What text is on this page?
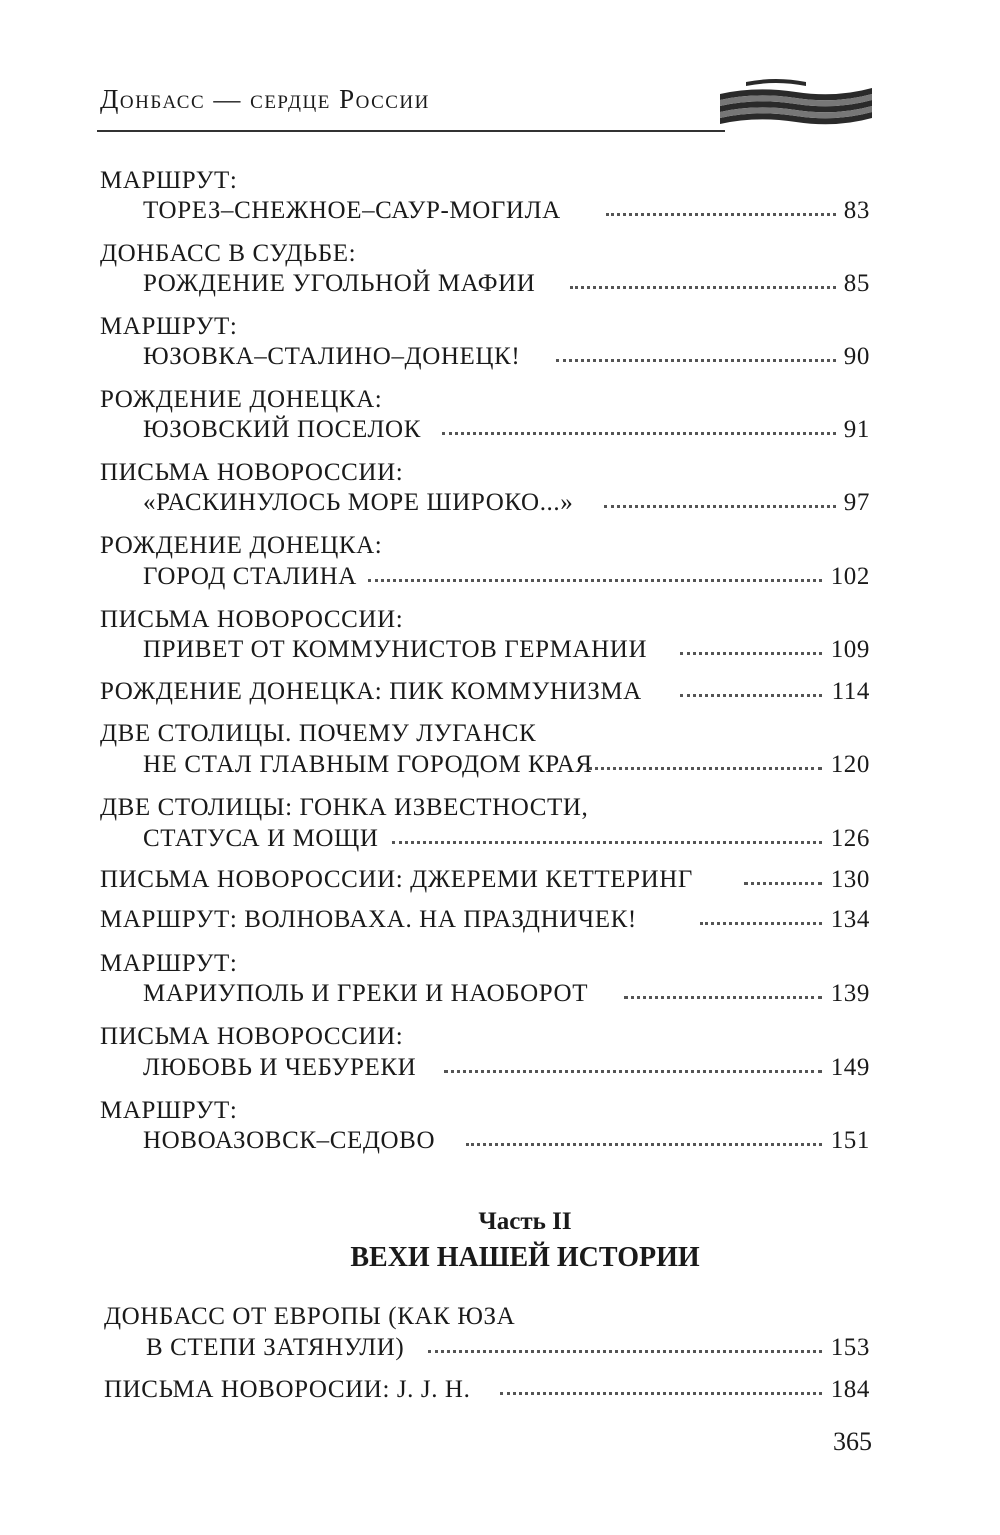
Донбасс — сердце России
МАРШРУТ:
ТОРЕЗ–СНЕЖНОЕ–САУР-МОГИЛА	83
ДОНБАСС В СУДЬБЕ:
РОЖДЕНИЕ УГОЛЬНОЙ МАФИИ	85
МАРШРУТ:
ЮЗОВКА–СТАЛИНО–ДОНЕЦК!	90
РОЖДЕНИЕ ДОНЕЦКА:
ЮЗОВСКИЙ ПОСЕЛОК	91
ПИСЬМА НОВОРОССИИ:
«РАСКИНУЛОСЬ МОРЕ ШИРОКО...»	97
РОЖДЕНИЕ ДОНЕЦКА:
ГОРОД СТАЛИНА	102
ПИСЬМА НОВОРОССИИ:
ПРИВЕТ ОТ КОММУНИСТОВ ГЕРМАНИИ	109
РОЖДЕНИЕ ДОНЕЦКА: ПИК КОММУНИЗМА	114
ДВЕ СТОЛИЦЫ. ПОЧЕМУ ЛУГАНСК
НЕ СТАЛ ГЛАВНЫМ ГОРОДОМ КРАЯ	120
ДВЕ СТОЛИЦЫ: ГОНКА ИЗВЕСТНОСТИ,
СТАТУСА И МОЩИ	126
ПИСЬМА НОВОРОССИИ: ДЖЕРЕМИ КЕТТЕРИНГ	130
МАРШРУТ: ВОЛНОВАХА. НА ПРАЗДНИЧЕК!	134
МАРШРУТ:
МАРИУПОЛЬ И ГРЕКИ И НАОБОРОТ	139
ПИСЬМА НОВОРОССИИ:
ЛЮБОВЬ И ЧЕБУРЕКИ	149
МАРШРУТ:
НОВОАЗОВСК–СЕДОВО	151
Часть II
ВЕХИ НАШЕЙ ИСТОРИИ
ДОНБАСС ОТ ЕВРОПЫ (КАК ЮЗА
В СТЕПИ ЗАТЯНУЛИ)	153
ПИСЬМА НОВОРОСИИ: J. J. H.	184
365
